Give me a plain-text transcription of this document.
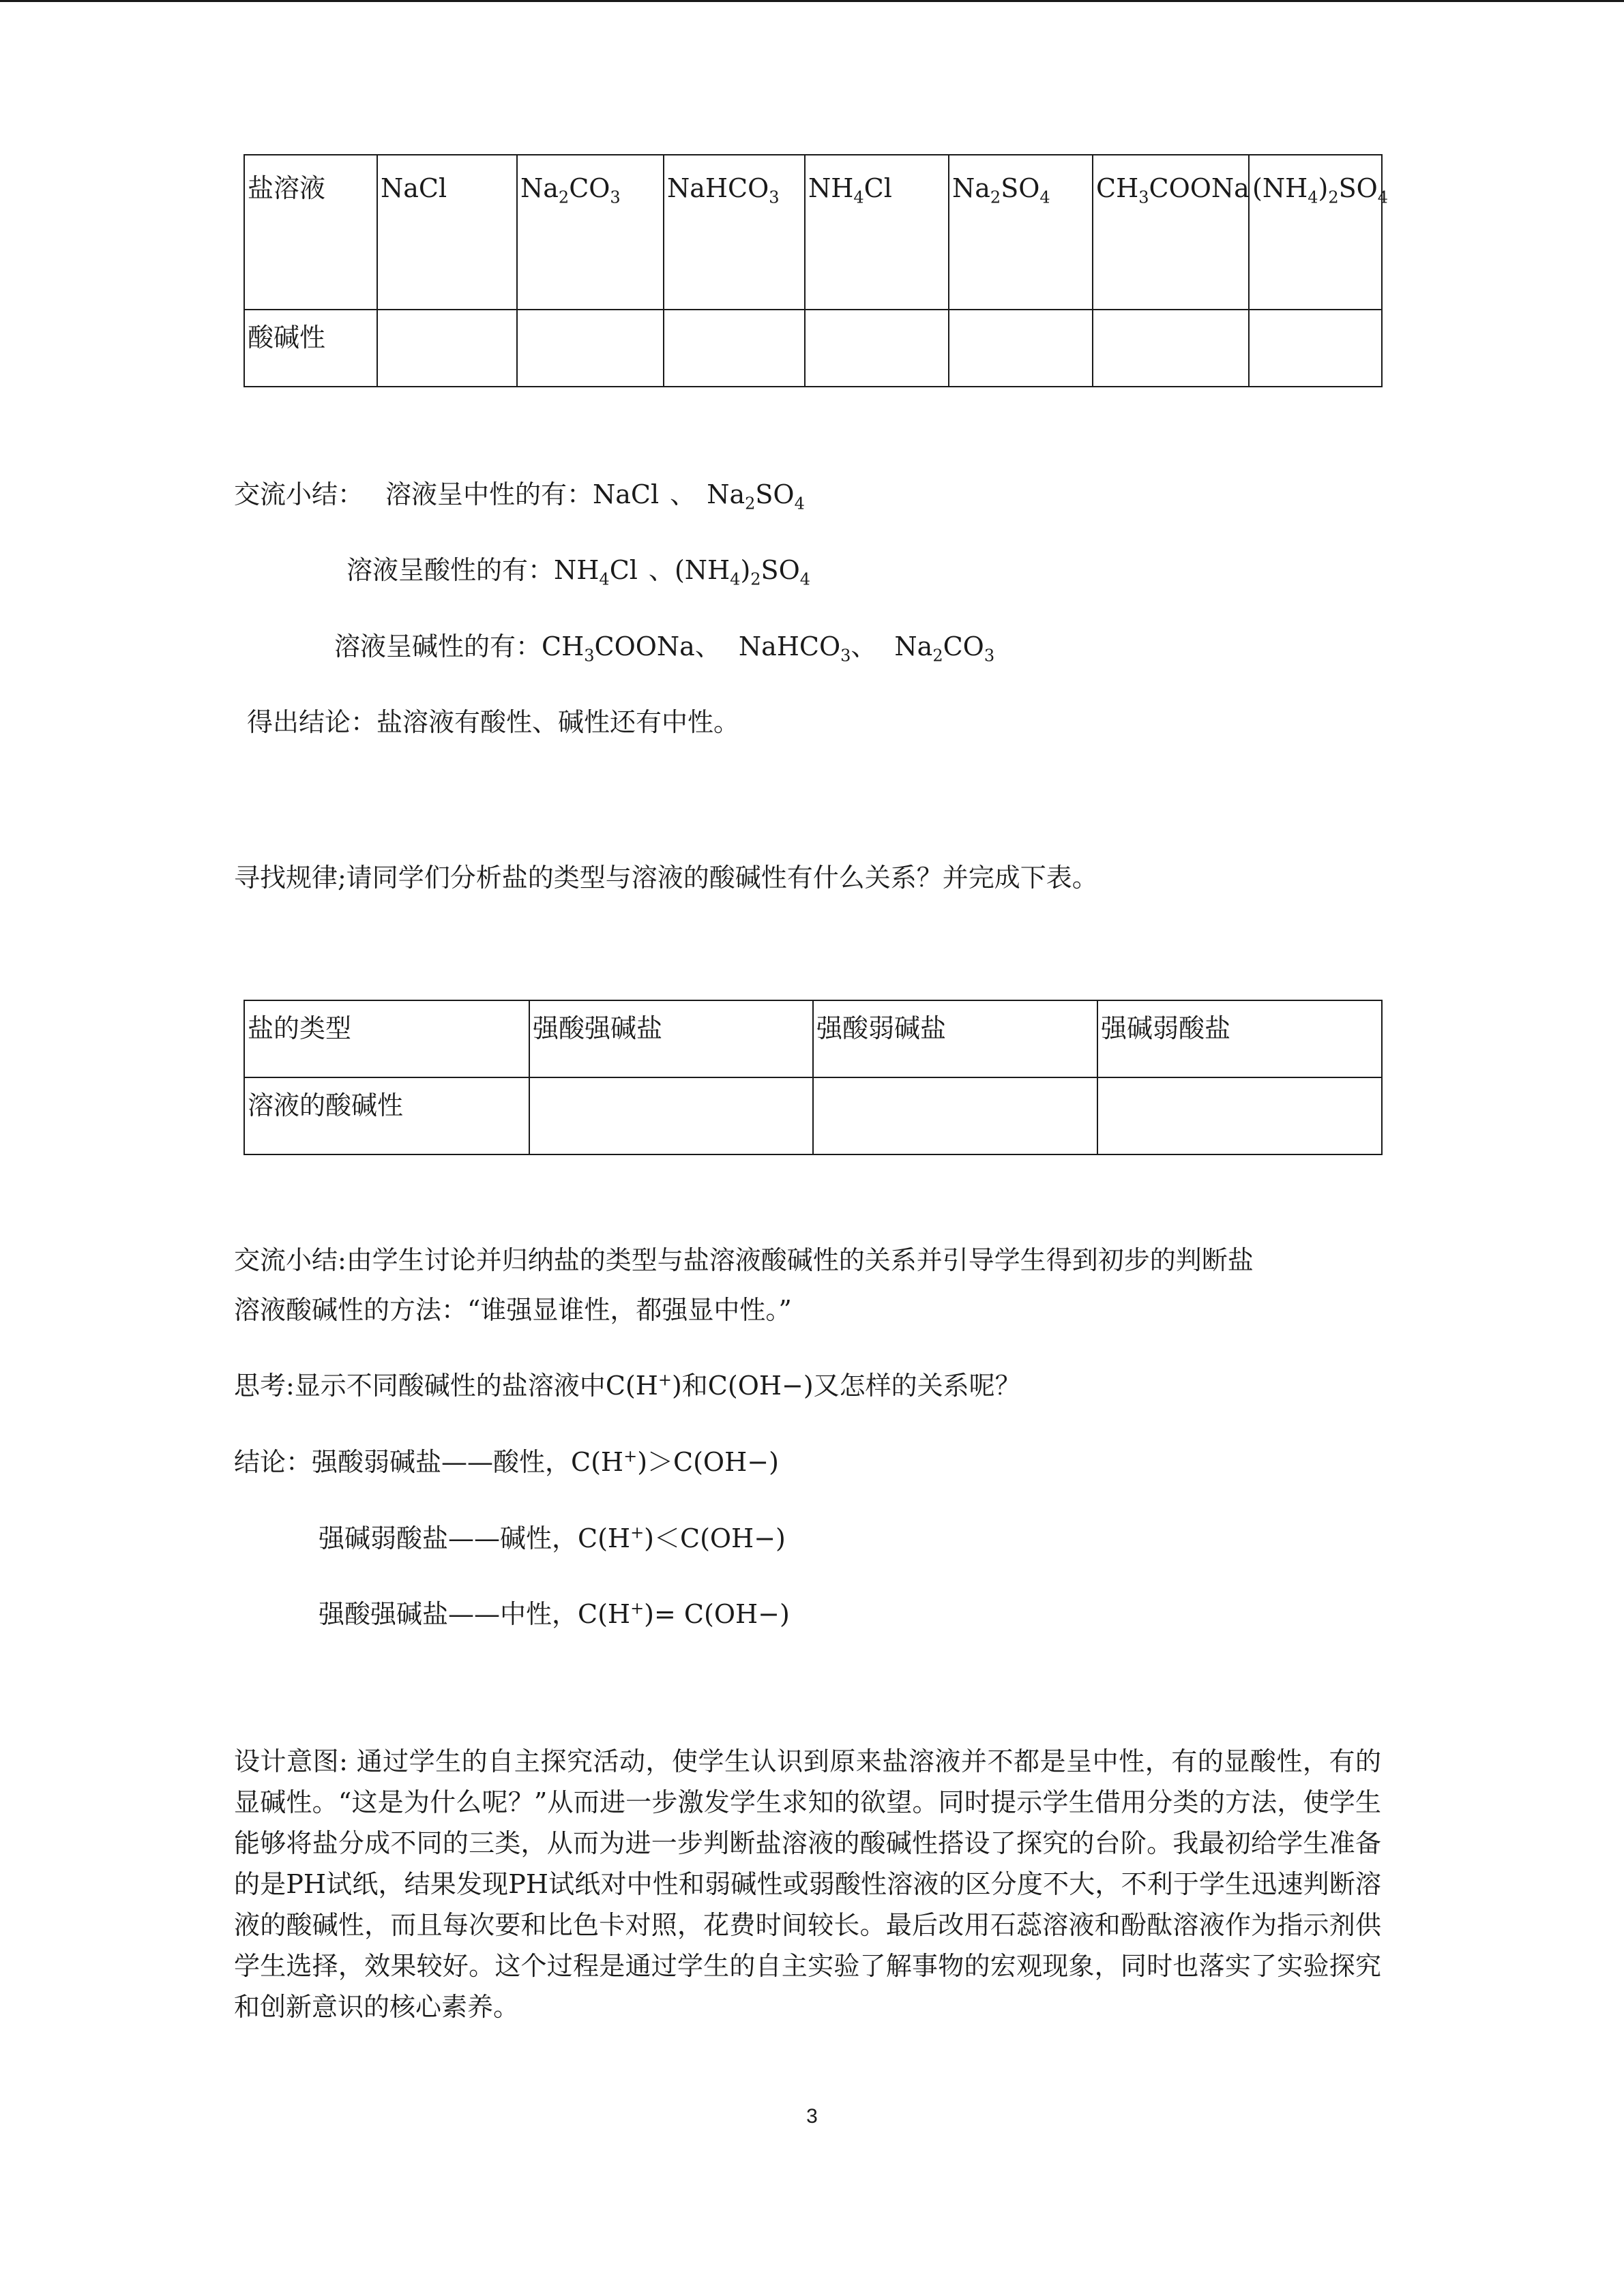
盐溶液	NaCl	$Na_2CO_3$	NaHCO$_3$	$NH_4Cl$	$Na_2SO_4$	$CH_3COONa$	$(NH_4)_2SO_4$

酸碱性							

交流小结： 溶液呈中性的有：NaCl 、 $Na_2SO_4$
溶液呈酸性的有：$NH_4Cl$ 、$(NH_4)_2SO_4$
溶液呈碱性的有：$CH_3COONa$、 NaHCO$_3$、 $Na_2CO_3$
得出结论：盐溶液有酸性、碱性还有中性。
寻找规律;请同学们分析盐的类型与溶液的酸碱性有什么关系？并完成下表。
盐的类型	强酸强碱盐	强酸弱碱盐	强碱弱酸盐

溶液的酸碱性			

交流小结:由学生讨论并归纳盐的类型与盐溶液酸碱性的关系并引导学生得到初步的判断盐
溶液酸碱性的方法：“谁强显谁性，都强显中性。”
思考:显示不同酸碱性的盐溶液中C(H+)和C(OH−)又怎样的关系呢？
结论：强酸弱碱盐——酸性，C(H+)＞C(OH−)
强碱弱酸盐——碱性，C(H+)＜C(OH−)
强酸强碱盐——中性，C(H+)= C(OH−)
设计意图: 通过学生的自主探究活动，使学生认识到原来盐溶液并不都是呈中性，有的显酸性，有的显碱性。“这是为什么呢？”从而进一步激发学生求知的欲望。同时提示学生借用分类的方法，使学生能够将盐分成不同的三类，从而为进一步判断盐溶液的酸碱性搭设了探究的台阶。我最初给学生准备的是PH试纸，结果发现PH试纸对中性和弱碱性或弱酸性溶液的区分度不大，不利于学生迅速判断溶液的酸碱性，而且每次要和比色卡对照，花费时间较长。最后改用石蕊溶液和酚酞溶液作为指示剂供学生选择，效果较好。这个过程是通过学生的自主实验了解事物的宏观现象，同时也落实了实验探究和创新意识的核心素养。
3
